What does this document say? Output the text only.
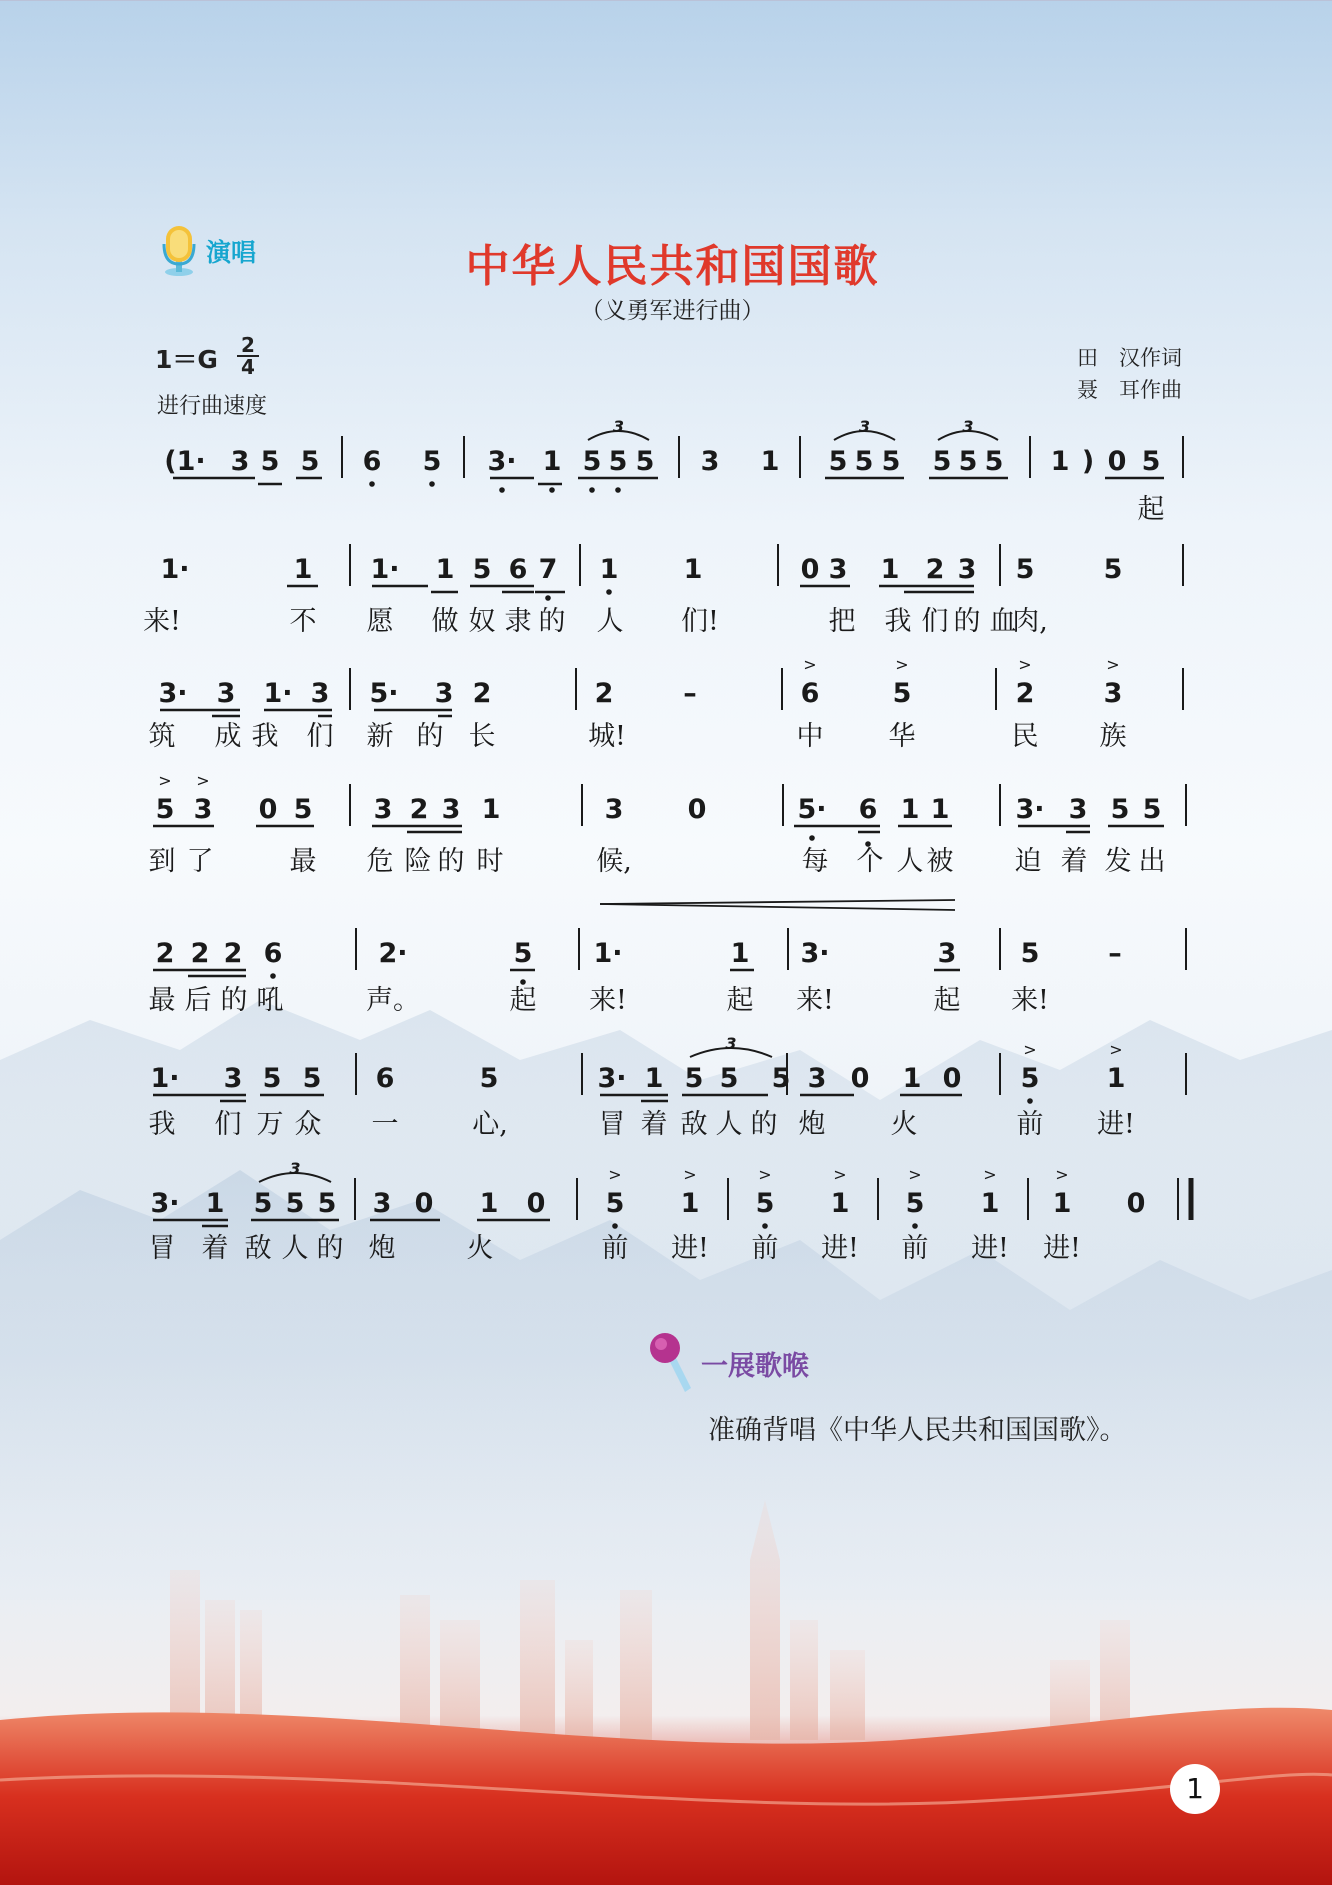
演唱	中华人民共和国国歌
（义勇军进行曲）
1＝G 2
4
进行曲速度
田　汉作词
聂　耳作曲
(1· 3 5 5 6 5 3· 1 5 5 5 3 1 5 5 5 5 5 5 1 ) 0 5
3	3	3
起
1·	1 1· 1 5 6 7 1 1	0 3 1 2 3 5	5
来!	不 愿 做 奴 隶 的 人 们!	把 我 们 的 血
肉,
3· 3 1· 3 5· 3 2	2	–	6	5	2	3
>	>	>	>
筑 成 我 们 新 的 长	城!	中 华	民 族
5 3 0 5 3 2 3 1	3 0	5· 6 1 1 3· 3 5 5
> >
到 了	最 危 险 的 时	候,	每 个 人 被 迫 着 发 出
2 2 2 6	2·	5 1·	1 3·	3 5	–
最 后 的 吼	声。	起 来!	起 来!	起 来!
1· 3 5 5 6	5	3· 1 5 5 5 3 0 1 0 5 1
>	>
3
我 们 万 众 一	心,	冒 着 敌 人 的 炮 火	前 进!
3· 1 5 5 5 3 0 1 0 5 1 5 1 5 1 1 0
>	>	>	>	>	>	>
3
冒 着 敌 人 的 炮	火	前 进! 前 进! 前 进! 进!
一展歌喉
准确背唱《中华人民共和国国歌》。
1
